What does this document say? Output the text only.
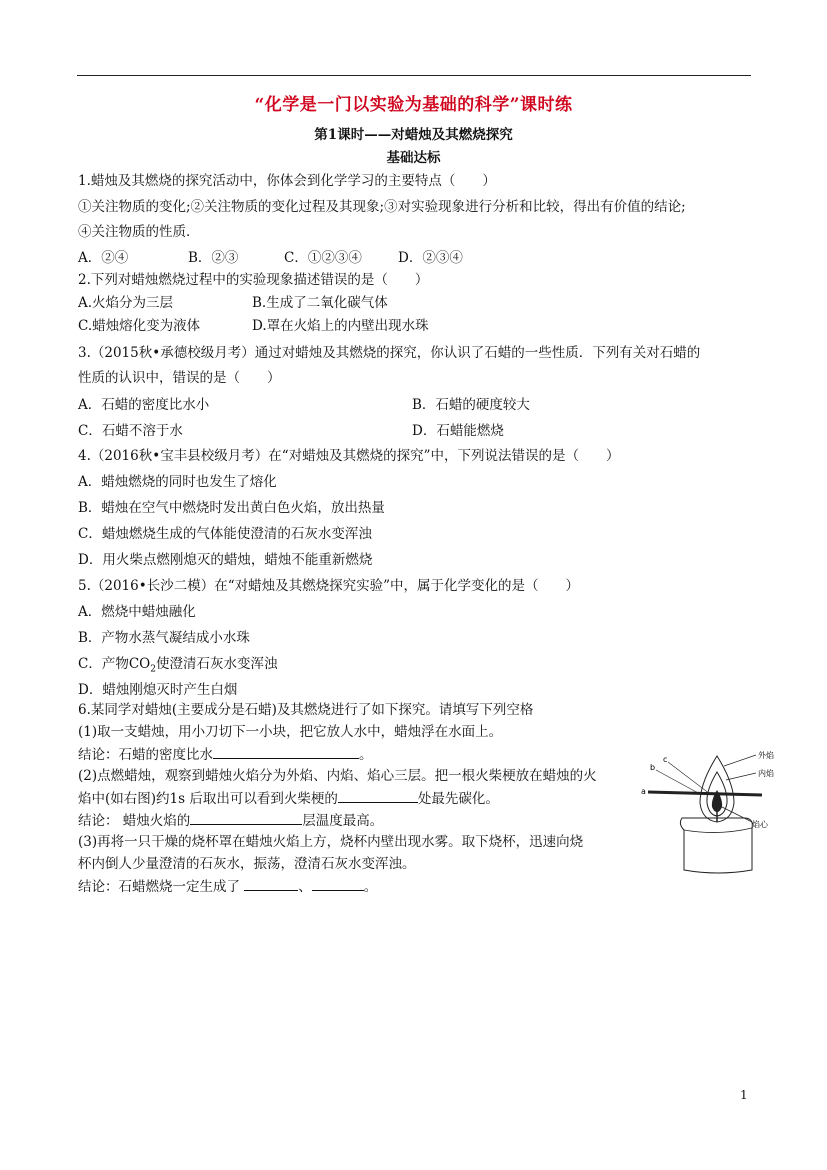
“化学是一门以实验为基础的科学”课时练
第1课时——对蜡烛及其燃烧探究
基础达标
1.蜡烛及其燃烧的探究活动中，你体会到化学学习的主要特点（　　）
①关注物质的变化;②关注物质的变化过程及其现象;③对实验现象进行分析和比较，得出有价值的结论;
④关注物质的性质．
A．②④	B．②③	C．①②③④	D．②③④
2.下列对蜡烛燃烧过程中的实验现象描述错误的是（　　）
A.火焰分为三层	B.生成了二氧化碳气体
C.蜡烛熔化变为液体	D.罩在火焰上的内壁出现水珠
3.（2015秋•承德校级月考）通过对蜡烛及其燃烧的探究，你认识了石蜡的一些性质．下列有关对石蜡的
性质的认识中，错误的是（　　）
A．石蜡的密度比水小	B．石蜡的硬度较大
C．石蜡不溶于水	D．石蜡能燃烧
4.（2016秋•宝丰县校级月考）在“对蜡烛及其燃烧的探究”中，下列说法错误的是（　　）
A．蜡烛燃烧的同时也发生了熔化
B．蜡烛在空气中燃烧时发出黄白色火焰，放出热量
C．蜡烛燃烧生成的气体能使澄清的石灰水变浑浊
D．用火柴点燃刚熄灭的蜡烛，蜡烛不能重新燃烧
5.（2016•长沙二模）在“对蜡烛及其燃烧探究实验”中，属于化学变化的是（　　）
A．燃烧中蜡烛融化
B．产物水蒸气凝结成小水珠
C．产物$CO_2$使澄清石灰水变浑浊
D．蜡烛刚熄灭时产生白烟
6.某同学对蜡烛(主要成分是石蜡)及其燃烧进行了如下探究。请填写下列空格
(1)取一支蜡烛，用小刀切下一小块，把它放人水中，蜡烛浮在水面上。
结论：石蜡的密度比水	。
(2)点燃蜡烛，观察到蜡烛火焰分为外焰、内焰、焰心三层。把一根火柴梗放在蜡烛的火
焰中(如右图)约1s 后取出可以看到火柴梗的	处最先碳化。
结论： 蜡烛火焰的	层温度最高。
(3)再将一只干燥的烧杯罩在蜡烛火焰上方，烧杯内壁出现水雾。取下烧杯，迅速向烧
杯内倒人少量澄清的石灰水，振荡，澄清石灰水变浑浊。
结论：石蜡燃烧一定生成了	、	。
外焰
内焰
焰心
a
b
c
1
